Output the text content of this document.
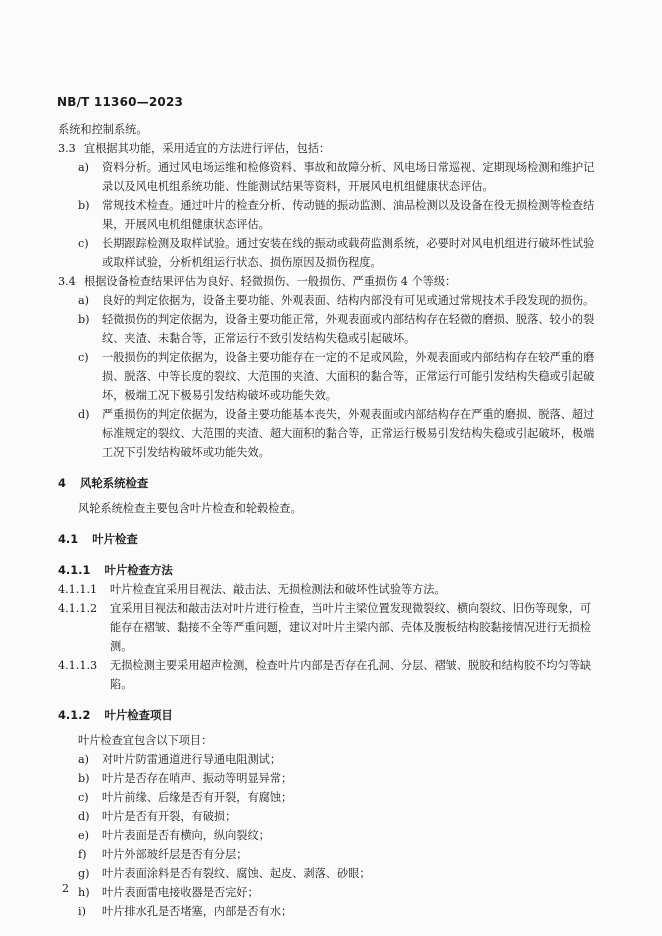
NB/T 11360—2023

系统和控制系统。

3.3 宜根据其功能，采用适宜的方法进行评估，包括：
a)	资料分析。通过风电场运维和检修资料、事故和故障分析、风电场日常巡视、定期现场检测和维护记录以及风电机组系统功能、性能测试结果等资料，开展风电机组健康状态评估。
b)	常规技术检查。通过叶片的检查分析、传动链的振动监测、油品检测以及设备在役无损检测等检查结果，开展风电机组健康状态评估。
c)	长期跟踪检测及取样试验。通过安装在线的振动或载荷监测系统，必要时对风电机组进行破坏性试验或取样试验，分析机组运行状态、损伤原因及损伤程度。
3.4 根据设备检查结果评估为良好、轻微损伤、一般损伤、严重损伤 4 个等级：
a)	良好的判定依据为，设备主要功能、外观表面、结构内部没有可见或通过常规技术手段发现的损伤。
b)	轻微损伤的判定依据为，设备主要功能正常，外观表面或内部结构存在轻微的磨损、脱落、较小的裂纹、夹渣、未黏合等，正常运行不致引发结构失稳或引起破坏。
c)	一般损伤的判定依据为，设备主要功能存在一定的不足或风险，外观表面或内部结构存在较严重的磨损、脱落、中等长度的裂纹、大范围的夹渣、大面积的黏合等，正常运行可能引发结构失稳或引起破坏，极端工况下极易引发结构破坏或功能失效。
d)	严重损伤的判定依据为，设备主要功能基本丧失，外观表面或内部结构存在严重的磨损、脱落、超过标准规定的裂纹、大范围的夹渣、超大面积的黏合等，正常运行极易引发结构失稳或引起破坏，极端工况下引发结构破坏或功能失效。
4 风轮系统检查

风轮系统检查主要包含叶片检查和轮毂检查。

4.1 叶片检查
4.1.1 叶片检查方法
4.1.1.1	叶片检查宜采用目视法、敲击法、无损检测法和破坏性试验等方法。
4.1.1.2	宜采用目视法和敲击法对叶片进行检查，当叶片主梁位置发现微裂纹、横向裂纹、旧伤等现象，可能存在褶皱、黏接不全等严重问题，建议对叶片主梁内部、壳体及腹板结构胶黏接情况进行无损检测。
4.1.1.3	无损检测主要采用超声检测，检查叶片内部是否存在孔洞、分层、褶皱、脱胶和结构胶不均匀等缺陷。
4.1.2 叶片检查项目

叶片检查宜包含以下项目：

a)	对叶片防雷通道进行导通电阻测试；
b)	叶片是否存在哨声、振动等明显异常；
c)	叶片前缘、后缘是否有开裂，有腐蚀；
d)	叶片是否有开裂，有破损；
e)	叶片表面是否有横向，纵向裂纹；
f)	叶片外部玻纤层是否有分层；
g)	叶片表面涂料是否有裂纹、腐蚀、起皮、剥落、砂眼；
h)	叶片表面雷电接收器是否完好；
i)	叶片排水孔是否堵塞，内部是否有水；
2
